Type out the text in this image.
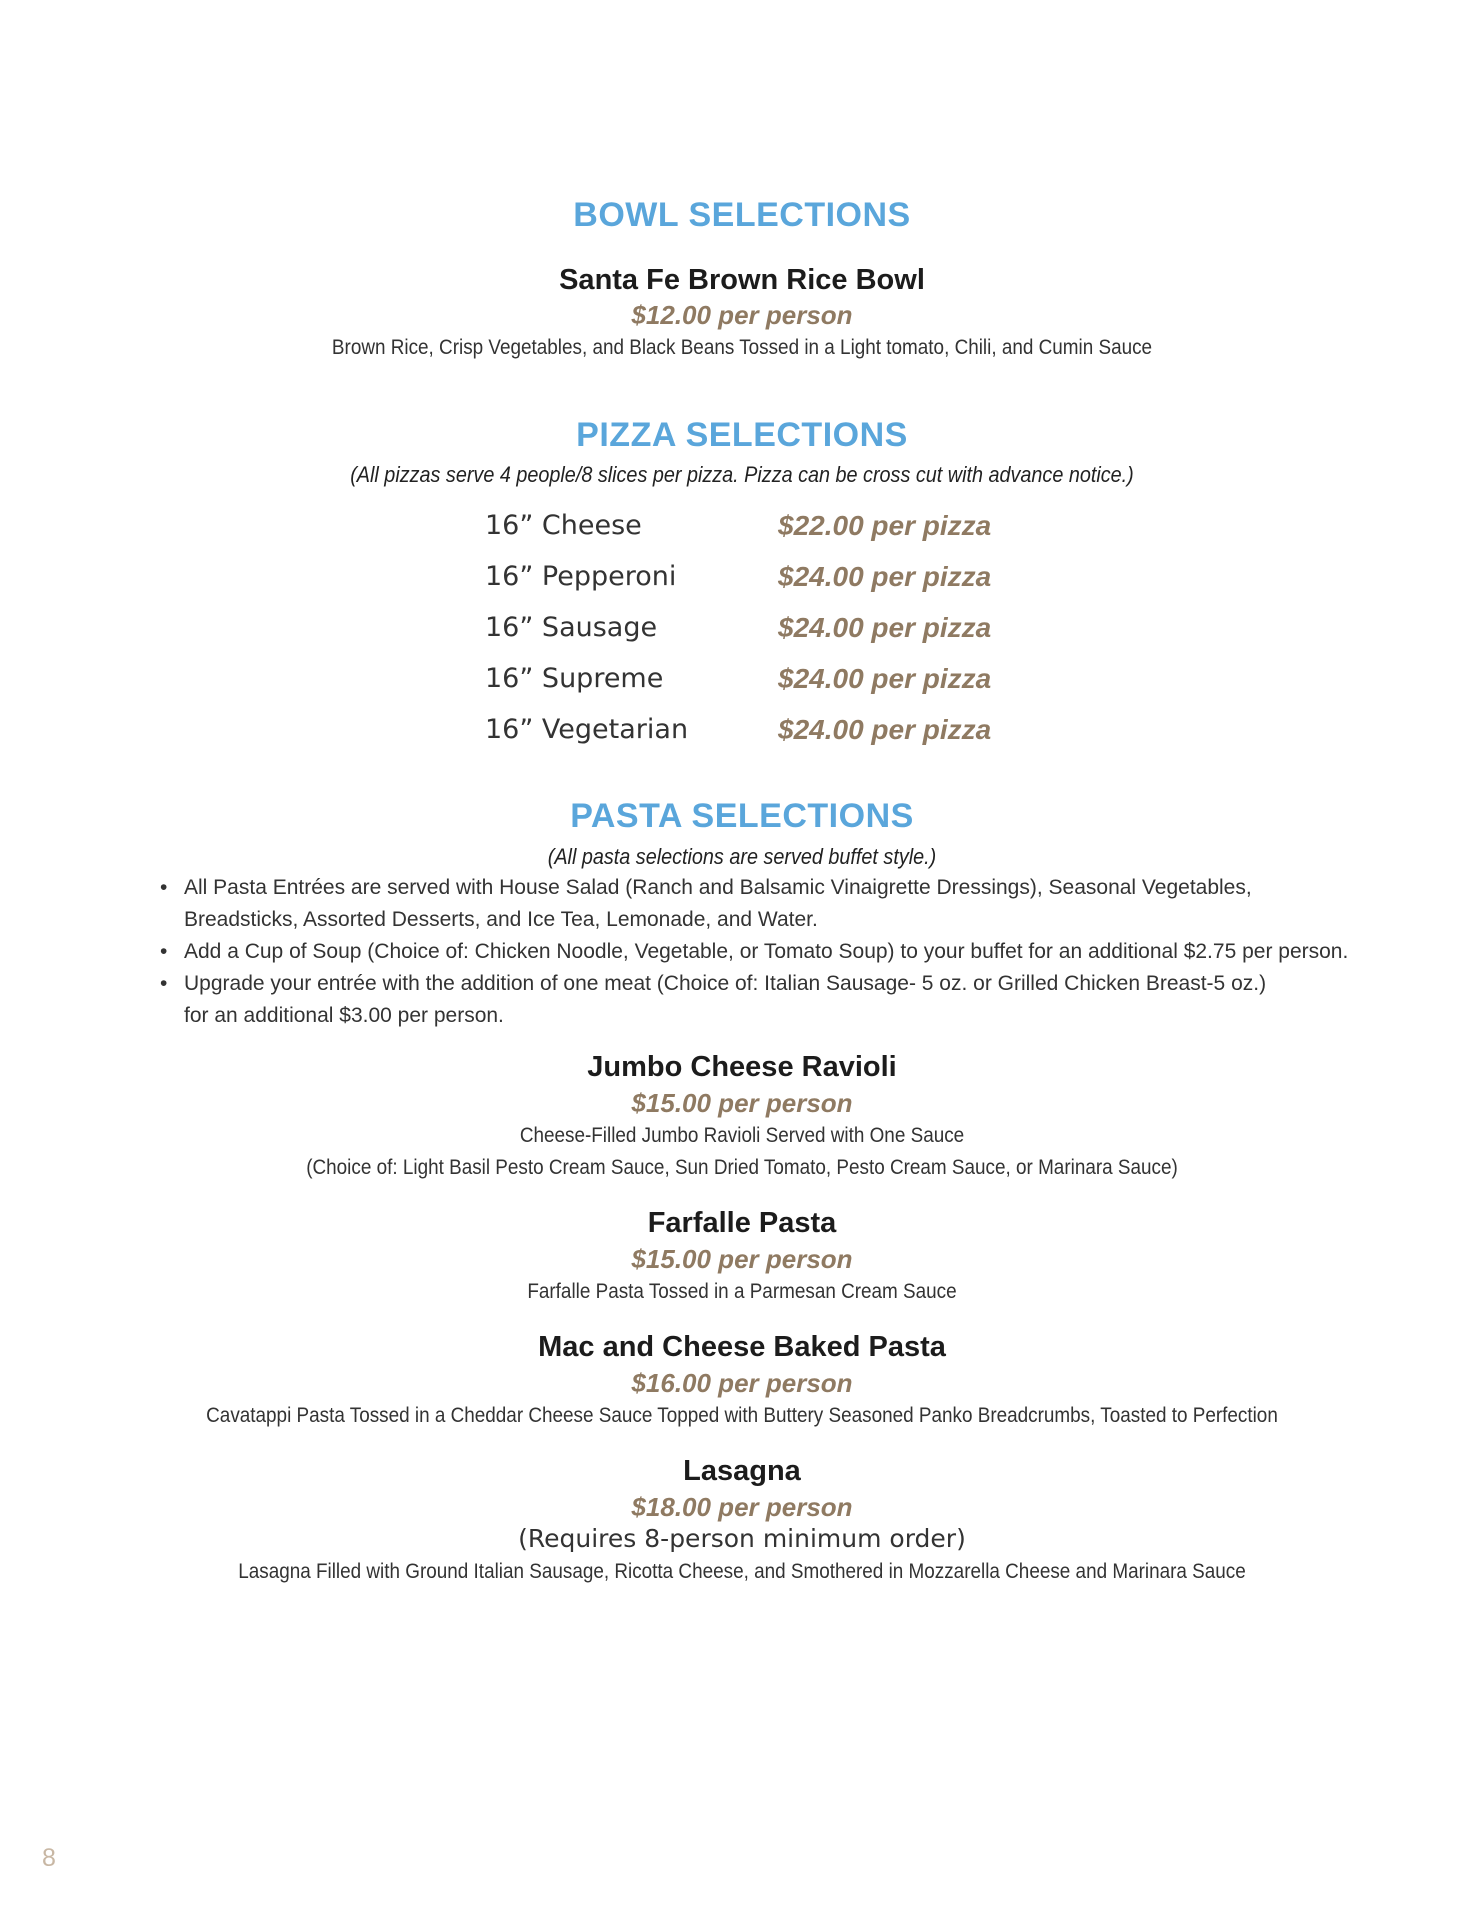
BOWL SELECTIONS
Santa Fe Brown Rice Bowl
$12.00 per person
Brown Rice, Crisp Vegetables, and Black Beans Tossed in a Light tomato, Chili, and Cumin Sauce
PIZZA SELECTIONS
(All pizzas serve 4 people/8 slices per pizza. Pizza can be cross cut with advance notice.)
16” Cheese	$22.00 per pizza
16” Pepperoni	$24.00 per pizza
16” Sausage	$24.00 per pizza
16” Supreme	$24.00 per pizza
16” Vegetarian	$24.00 per pizza
PASTA SELECTIONS
(All pasta selections are served buffet style.)
• All Pasta Entrées are served with House Salad (Ranch and Balsamic Vinaigrette Dressings), Seasonal Vegetables,
Breadsticks, Assorted Desserts, and Ice Tea, Lemonade, and Water.
• Add a Cup of Soup (Choice of: Chicken Noodle, Vegetable, or Tomato Soup) to your buffet for an additional $2.75 per person.
• Upgrade your entrée with the addition of one meat (Choice of: Italian Sausage- 5 oz. or Grilled Chicken Breast-5 oz.)
for an additional $3.00 per person.
Jumbo Cheese Ravioli
$15.00 per person
Cheese-Filled Jumbo Ravioli Served with One Sauce
(Choice of: Light Basil Pesto Cream Sauce, Sun Dried Tomato, Pesto Cream Sauce, or Marinara Sauce)
Farfalle Pasta
$15.00 per person
Farfalle Pasta Tossed in a Parmesan Cream Sauce
Mac and Cheese Baked Pasta
$16.00 per person
Cavatappi Pasta Tossed in a Cheddar Cheese Sauce Topped with Buttery Seasoned Panko Breadcrumbs, Toasted to Perfection
Lasagna
$18.00 per person
(Requires 8-person minimum order)
Lasagna Filled with Ground Italian Sausage, Ricotta Cheese, and Smothered in Mozzarella Cheese and Marinara Sauce
8
